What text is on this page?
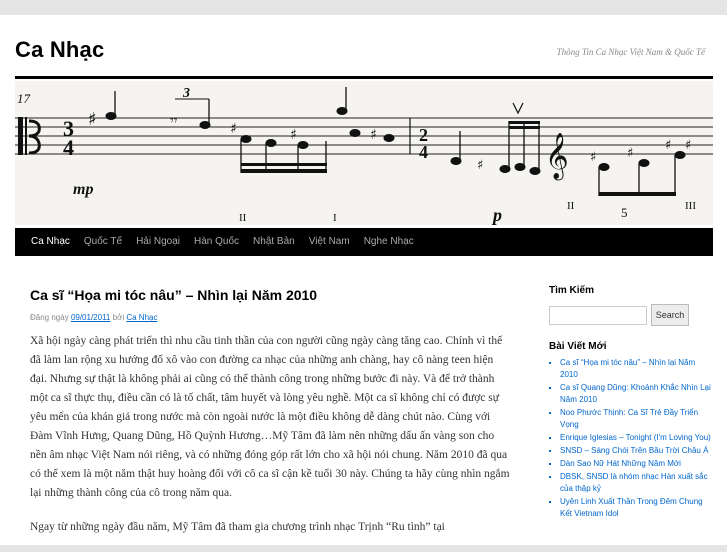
Ca Nhạc	Thông Tin Ca Nhạc Việt Nam & Quốc Tế
17
3
4
♯	𝄾𝄾	♯	♯	♯
3
mp
II	I
2
4
♯
♯ ♯
♯ ♯
𝄞
p	II	III
5
Ca Nhạc	Quốc Tế	Hải Ngoại	Hàn Quốc	Nhật Bản	Việt Nam	Nghe Nhạc
Ca sĩ “Họa mi tóc nâu” – Nhìn lại Năm 2010
Đăng ngày 09/01/2011 bởi Ca Nhạc

Xã hội ngày càng phát triển thì nhu cầu tinh thần của con người cũng ngày càng tăng cao. Chính vì thế đã làm lan rộng xu hướng đổ xô vào con đường ca nhạc của những anh chàng, hay cô nàng teen hiện đại. Nhưng sự thật là không phải ai cũng có thể thành công trong những bước đi này. Và để trở thành một ca sĩ thực thụ, điều cần có là tố chất, tâm huyết và lòng yêu nghề. Một ca sĩ không chỉ có được sự yêu mến của khán giả trong nước mà còn ngoài nước là một điều không dễ dàng chút nào. Cùng với Đàm Vĩnh Hưng, Quang Dũng, Hồ Quỳnh Hương…Mỹ Tâm đã làm nên những dấu ấn vàng son cho nền âm nhạc Việt Nam nói riêng, và có những đóng góp rất lớn cho xã hội nói chung. Năm 2010 đã qua có thể xem là một năm thật huy hoàng đối với cô ca sĩ cận kề tuổi 30 này. Chúng ta hãy cùng nhìn ngắm lại những thành công của cô trong năm qua.

Ngay từ những ngày đầu năm, Mỹ Tâm đã tham gia chương trình nhạc Trịnh “Ru tình” tại

Tìm Kiếm
Search
Bài Viết Mới
▪ Ca sĩ “Họa mi tóc nâu” – Nhìn lại Năm 2010
▪ Ca sĩ Quang Dũng: Khoảnh Khắc Nhìn Lại Năm 2010
▪ Noo Phước Thịnh: Ca Sĩ Trẻ Đầy Triển Vọng
▪ Enrique Iglesias – Tonight (I'm Loving You)
▪ SNSD – Sáng Chói Trên Bầu Trời Châu Á
▪ Dàn Sao Nữ Hát Những Năm Mới
▪ DBSK, SNSD là nhóm nhạc Hàn xuất sắc của thập kỷ
▪ Uyên Linh Xuất Thần Trong Đêm Chung Kết Vietnam Idol
